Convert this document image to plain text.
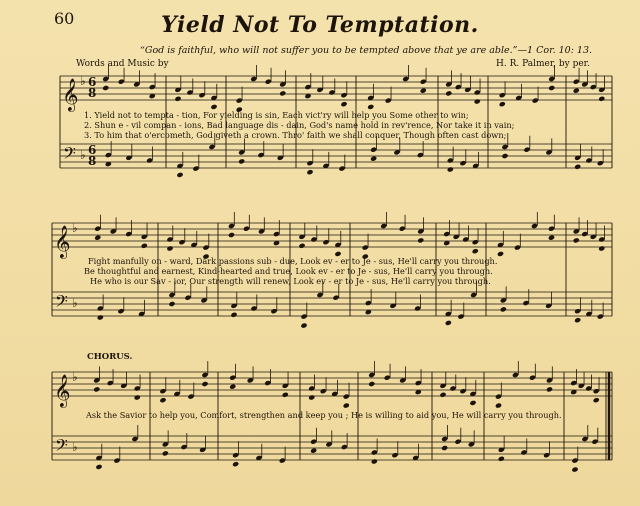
60	Yield Not To Temptation.
“God is faithful, who will not suffer you to be tempted above that ye are able.”—1 Cor. 10: 13.
Words and Music by	H. R. Palmer, by per.
𝄞
𝄢
♭
♭
6
8
6
8
𝄞
𝄢
♭
♭
𝄞
𝄢
♭
♭
1. Yield not to tempta - tion, For yielding is sin, Each vict'ry will help you Some other to win;
2. Shun e - vil compan - ions, Bad language dis - dain, God's name hold in rev'rence, Nor take it in vain;
3. To him that o'ercometh, God giveth a crown. Thro' faith we shall conquer, Though often cast down;
Fight manfully on - ward, Dark passions sub - due, Look ev - er to Je - sus, He'll carry you through.
Be thoughtful and earnest, Kind-hearted and true, Look ev - er to Je - sus, He'll carry you through.
He who is our Sav - ior, Our strength will renew, Look ev - er to Je - sus, He'll carry you through.
CHORUS.
Ask the Savior to help you, Comfort, strengthen and keep you ; He is willing to aid you, He will carry you through.
